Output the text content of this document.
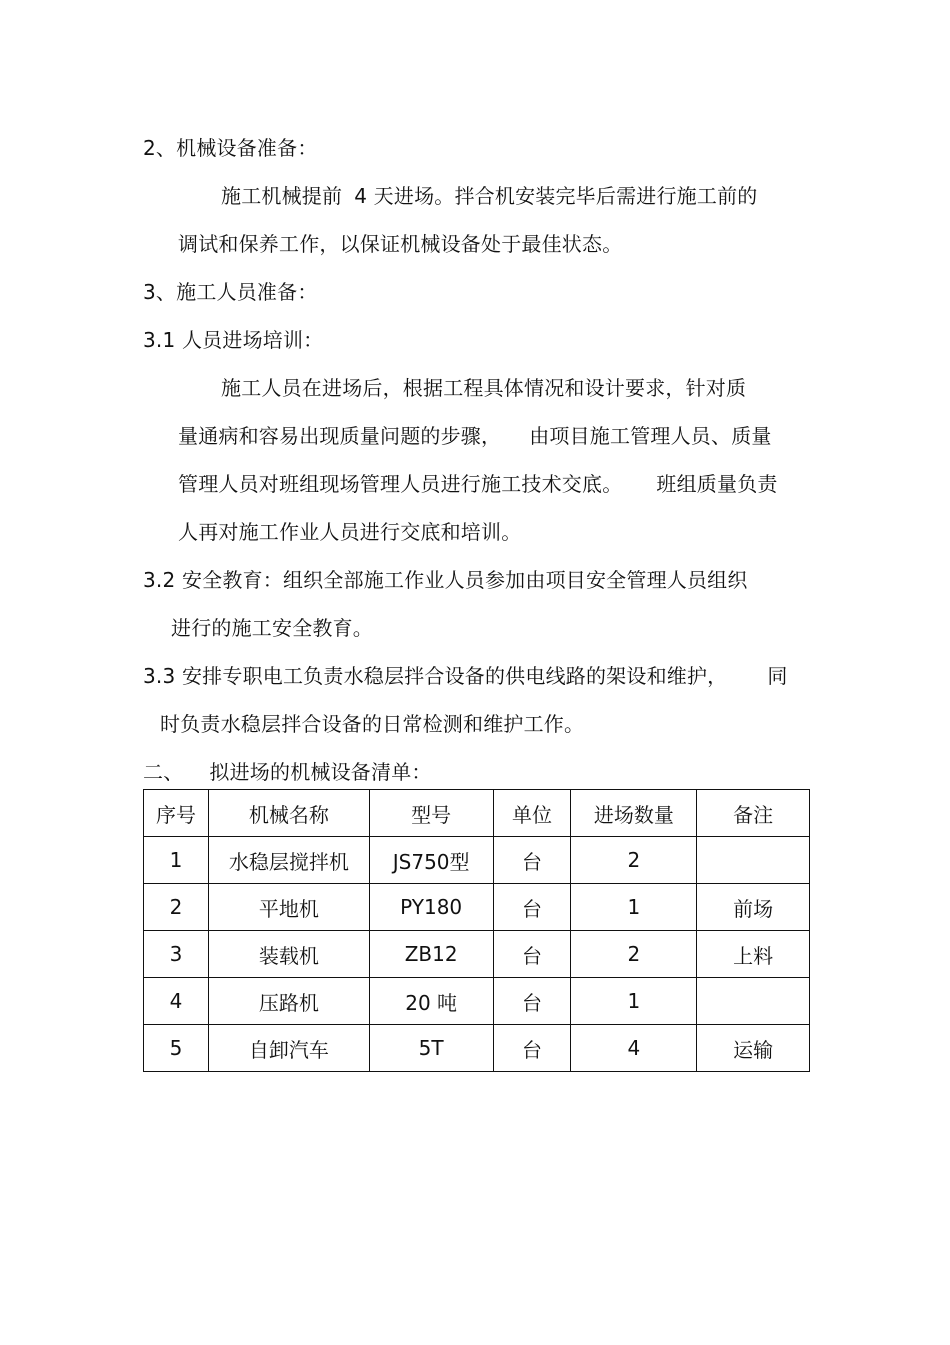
2、机械设备准备：
施工机械提前 4 天进场。拌合机安装完毕后需进行施工前的
调试和保养工作，以保证机械设备处于最佳状态。
3、施工人员准备：
3.1 人员进场培训：
施工人员在进场后，根据工程具体情况和设计要求，针对质
量通病和容易出现质量问题的步骤， 由项目施工管理人员、质量
管理人员对班组现场管理人员进行施工技术交底。 班组质量负责
人再对施工作业人员进行交底和培训。
3.2 安全教育：组织全部施工作业人员参加由项目安全管理人员组织
进行的施工安全教育。
3.3 安排专职电工负责水稳层拌合设备的供电线路的架设和维护， 同
时负责水稳层拌合设备的日常检测和维护工作。
二、 拟进场的机械设备清单：
序号	机械名称	型号	单位	进场数量	备注
1	水稳层搅拌机	JS750型	台	2	
2	平地机	PY180	台	1	前场
3	装载机	ZB12	台	2	上料
4	压路机	20 吨	台	1	
5	自卸汽车	5T	台	4	运输
